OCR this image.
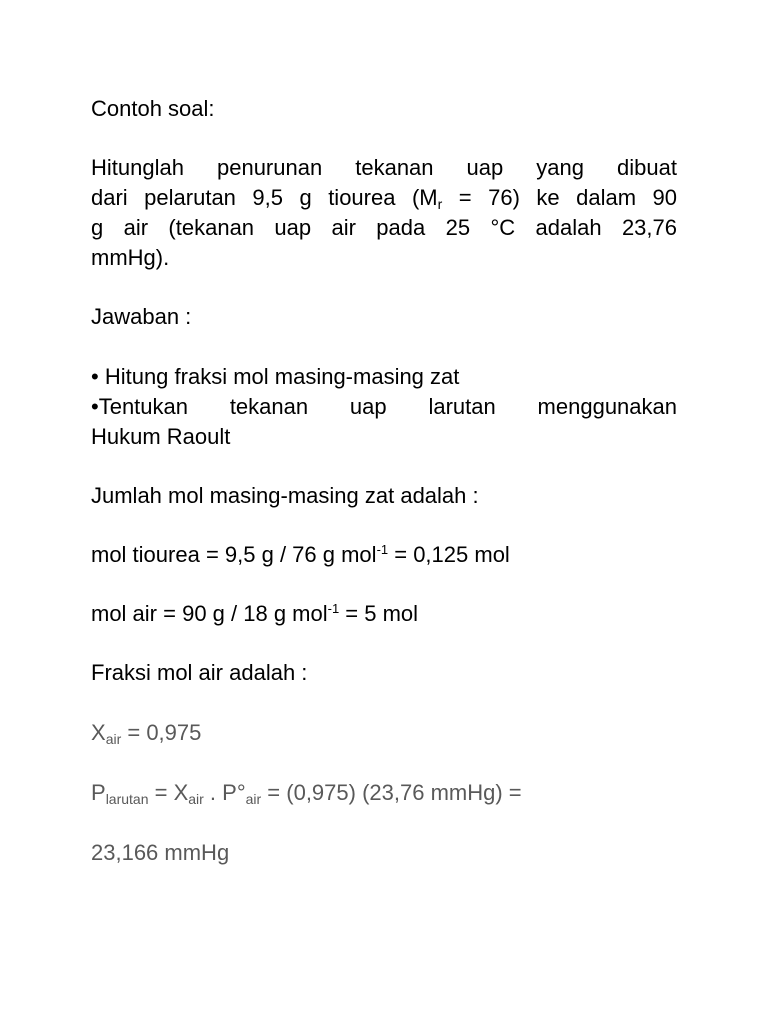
Contoh soal:
Hitunglah penurunan tekanan uap yang dibuat
dari pelarutan 9,5 g tiourea $(M_r = 76)$ ke dalam 90
g air (tekanan uap air pada 25 °C adalah 23,76
mmHg).
Jawaban :
• Hitung fraksi mol masing-masing zat
•Tentukan tekanan uap larutan menggunakan
Hukum Raoult
Jumlah mol masing-masing zat adalah :
mol tiourea = 9,5 g / 76 g mol$^{-1}$ = 0,125 mol
mol air = 90 g / 18 g mol$^{-1}$ = 5 mol
Fraksi mol air adalah :
$X_{air} = 0,975$
$P_{larutan} = X_{air}$ . $P^\circ_{air} = (0,975)$ (23,76 mmHg) =
23,166 mmHg
